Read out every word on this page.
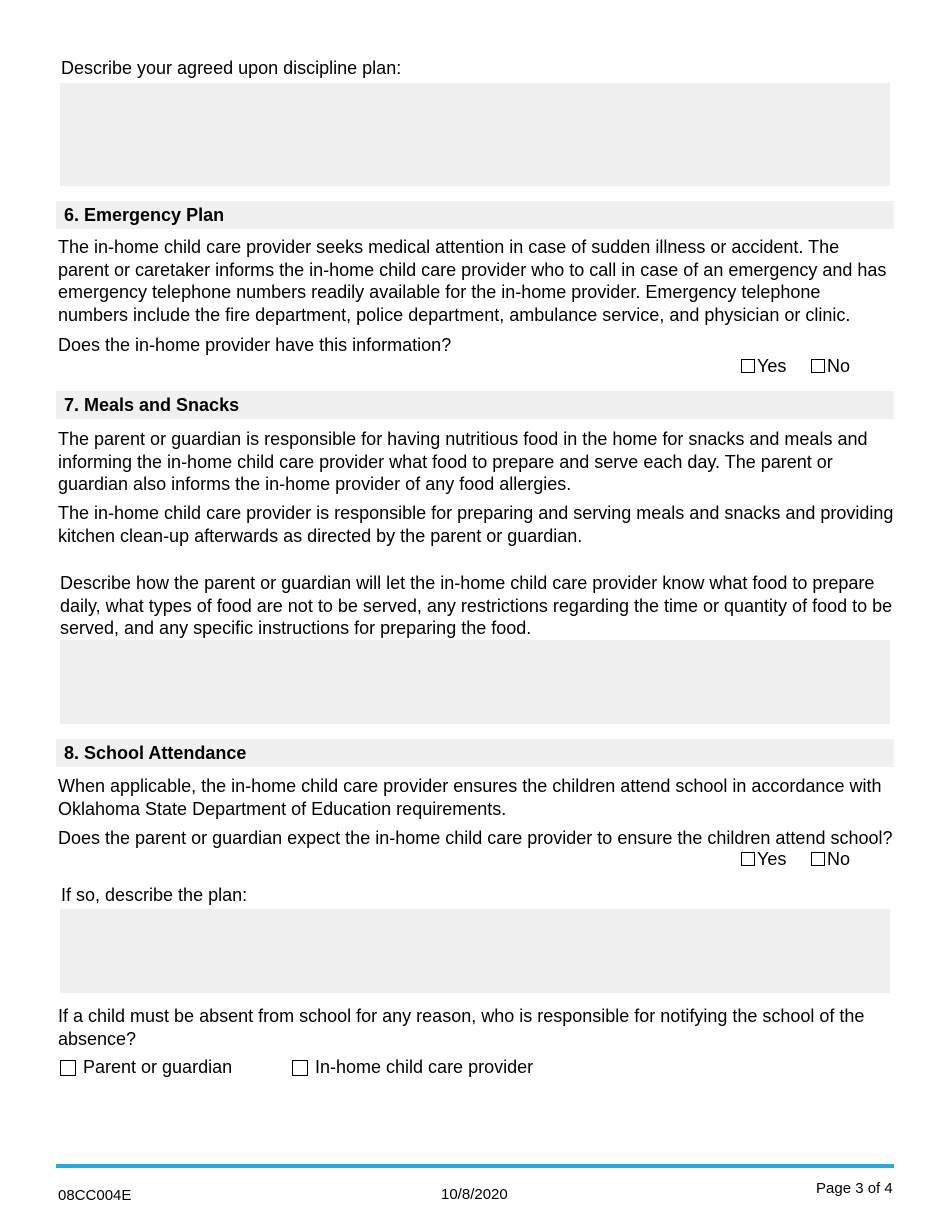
Describe your agreed upon discipline plan:
6. Emergency Plan
The in-home child care provider seeks medical attention in case of sudden illness or accident. The parent or caretaker informs the in-home child care provider who to call in case of an emergency and has emergency telephone numbers readily available for the in-home provider. Emergency telephone numbers include the fire department, police department, ambulance service, and physician or clinic.
Does the in-home provider have this information?
Yes No
7. Meals and Snacks
The parent or guardian is responsible for having nutritious food in the home for snacks and meals and informing the in-home child care provider what food to prepare and serve each day. The parent or guardian also informs the in-home provider of any food allergies.
The in-home child care provider is responsible for preparing and serving meals and snacks and providing kitchen clean-up afterwards as directed by the parent or guardian.
Describe how the parent or guardian will let the in-home child care provider know what food to prepare daily, what types of food are not to be served, any restrictions regarding the time or quantity of food to be served, and any specific instructions for preparing the food.
8. School Attendance
When applicable, the in-home child care provider ensures the children attend school in accordance with Oklahoma State Department of Education requirements.
Does the parent or guardian expect the in-home child care provider to ensure the children attend school?
Yes No
If so, describe the plan:
If a child must be absent from school for any reason, who is responsible for notifying the school of the absence?
Parent or guardian	In-home child care provider
08CC004E	10/8/2020	Page 3 of 4
